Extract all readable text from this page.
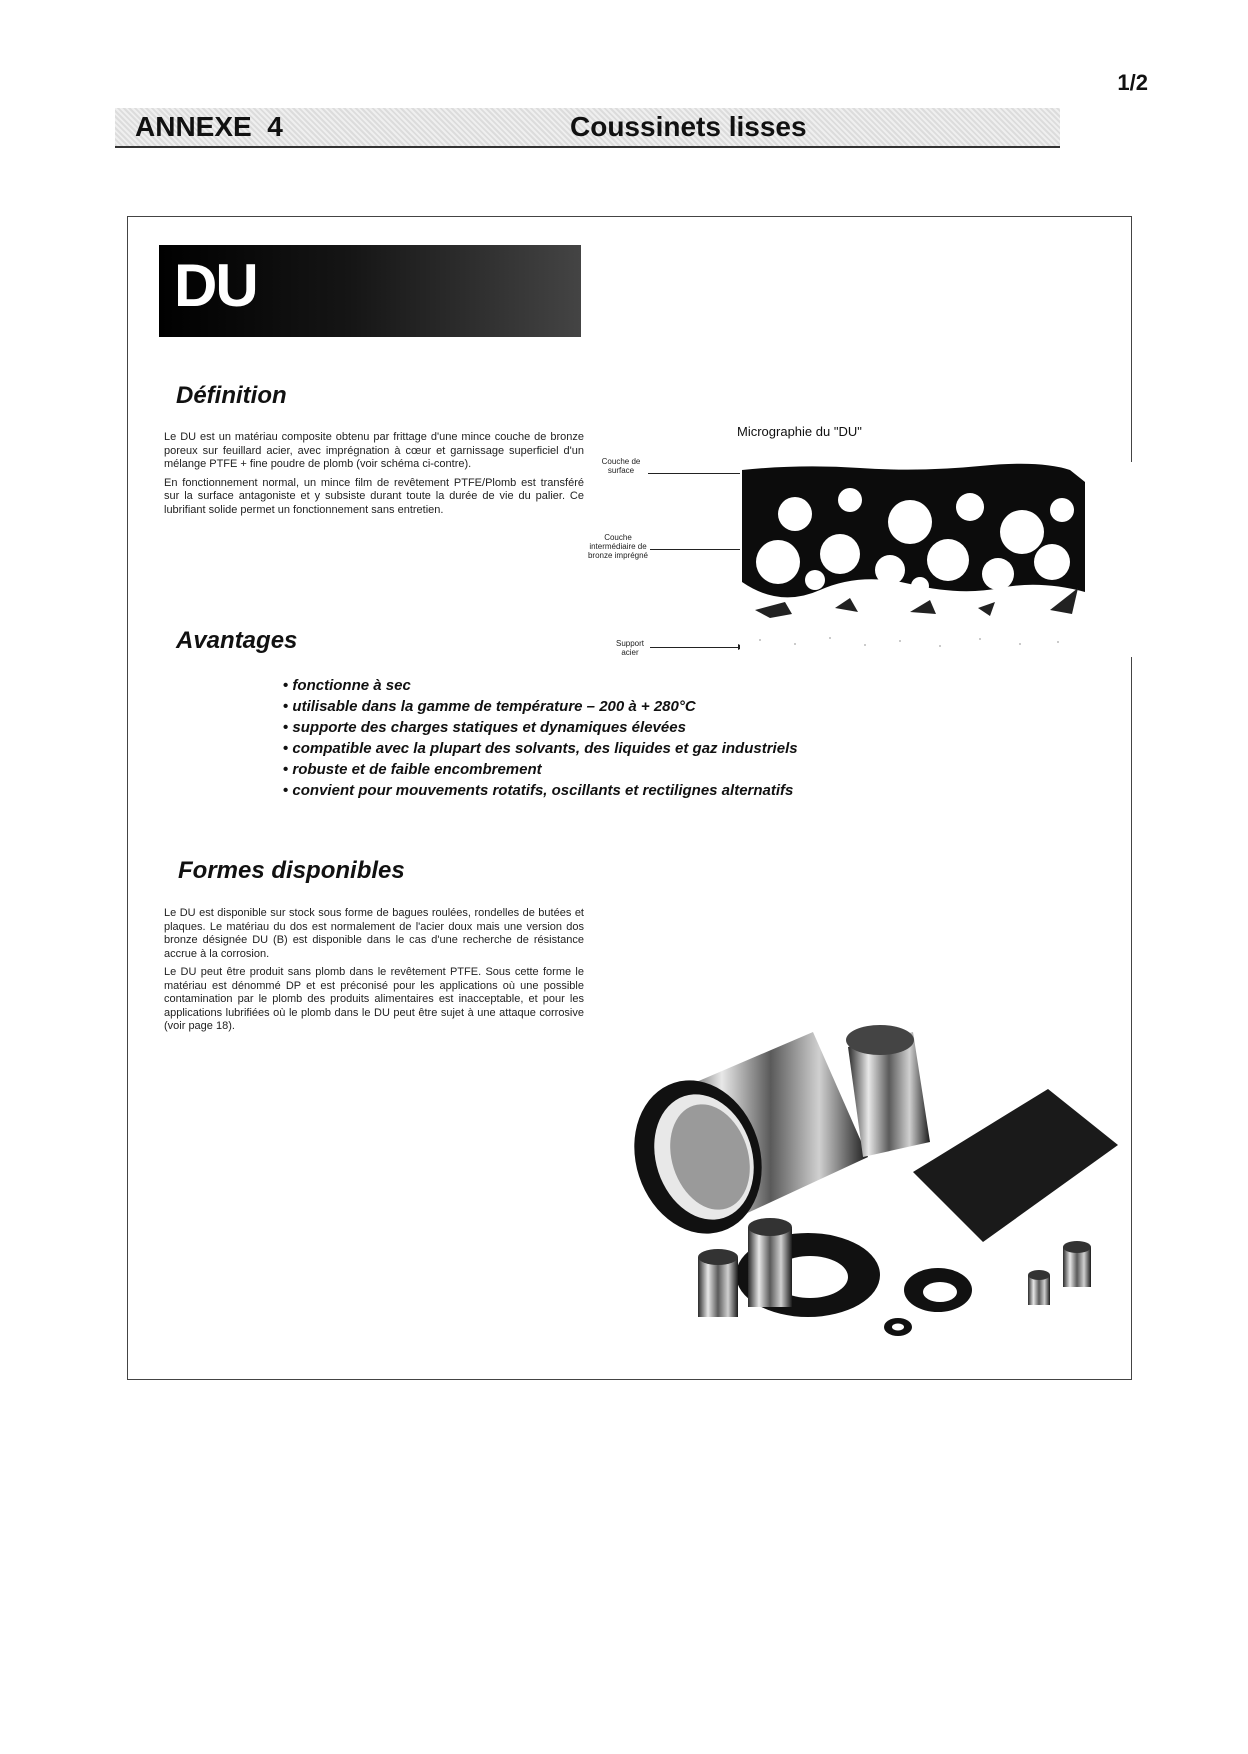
1/2
ANNEXE  4	Coussinets lisses
DU
Définition

Le DU est un matériau composite obtenu par frittage d'une mince couche de bronze poreux sur feuillard acier, avec imprégnation à cœur et garnissage superficiel d'un mélange PTFE + fine poudre de plomb (voir schéma ci-contre).

En fonctionnement normal, un mince film de revêtement PTFE/Plomb est transféré sur la surface antagoniste et y subsiste durant toute la durée de vie du palier. Ce lubrifiant solide permet un fonctionnement sans entretien.

Micrographie du "DU"
Couche de surface
Couche intermédiaire de bronze imprégné
Support acier
Avantages
• fonctionne à sec
• utilisable dans la gamme de température – 200 à + 280°C
• supporte des charges statiques et dynamiques élevées
• compatible avec la plupart des solvants, des liquides et gaz industriels
• robuste et de faible encombrement
• convient pour mouvements rotatifs, oscillants et rectilignes alternatifs
Formes disponibles

Le DU est disponible sur stock sous forme de bagues roulées, rondelles de butées et plaques. Le matériau du dos est normalement de l'acier doux mais une version dos bronze désignée DU (B) est disponible dans le cas d'une recherche de résistance accrue à la corrosion.

Le DU peut être produit sans plomb dans le revêtement PTFE. Sous cette forme le matériau est dénommé DP et est préconisé pour les applications où une possible contamination par le plomb des produits alimentaires est inacceptable, et pour les applications lubrifiées où le plomb dans le DU peut être sujet à une attaque corrosive (voir page 18).
